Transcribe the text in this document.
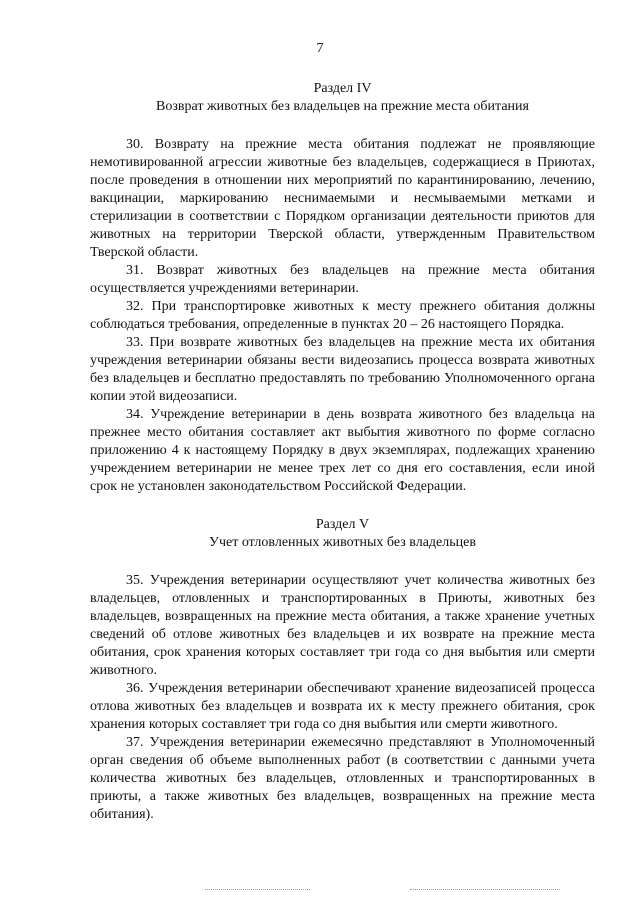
7

Раздел IV

Возврат животных без владельцев на прежние места обитания

30. Возврату на прежние места обитания подлежат не проявляющие немотивированной агрессии животные без владельцев, содержащиеся в Приютах, после проведения в отношении них мероприятий по карантинированию, лечению, вакцинации, маркированию неснимаемыми и несмываемыми метками и стерилизации в соответствии с Порядком организации деятельности приютов для животных на территории Тверской области, утвержденным Правительством Тверской области.

31. Возврат животных без владельцев на прежние места обитания осуществляется учреждениями ветеринарии.

32. При транспортировке животных к месту прежнего обитания должны соблюдаться требования, определенные в пунктах 20 – 26 настоящего Порядка.

33. При возврате животных без владельцев на прежние места их обитания учреждения ветеринарии обязаны вести видеозапись процесса возврата животных без владельцев и бесплатно предоставлять по требованию Уполномоченного органа копии этой видеозаписи.

34. Учреждение ветеринарии в день возврата животного без владельца на прежнее место обитания составляет акт выбытия животного по форме согласно приложению 4 к настоящему Порядку в двух экземплярах, подлежащих хранению учреждением ветеринарии не менее трех лет со дня его составления, если иной срок не установлен законодательством Российской Федерации.

Раздел V

Учет отловленных животных без владельцев

35. Учреждения ветеринарии осуществляют учет количества животных без владельцев, отловленных и транспортированных в Приюты, животных без владельцев, возвращенных на прежние места обитания, а также хранение учетных сведений об отлове животных без владельцев и их возврате на прежние места обитания, срок хранения которых составляет три года со дня выбытия или смерти животного.

36. Учреждения ветеринарии обеспечивают хранение видеозаписей процесса отлова животных без владельцев и возврата их к месту прежнего обитания, срок хранения которых составляет три года со дня выбытия или смерти животного.

37. Учреждения ветеринарии ежемесячно представляют в Уполномоченный орган сведения об объеме выполненных работ (в соответствии с данными учета количества животных без владельцев, отловленных и транспортированных в приюты, а также животных без владельцев, возвращенных на прежние места обитания).
